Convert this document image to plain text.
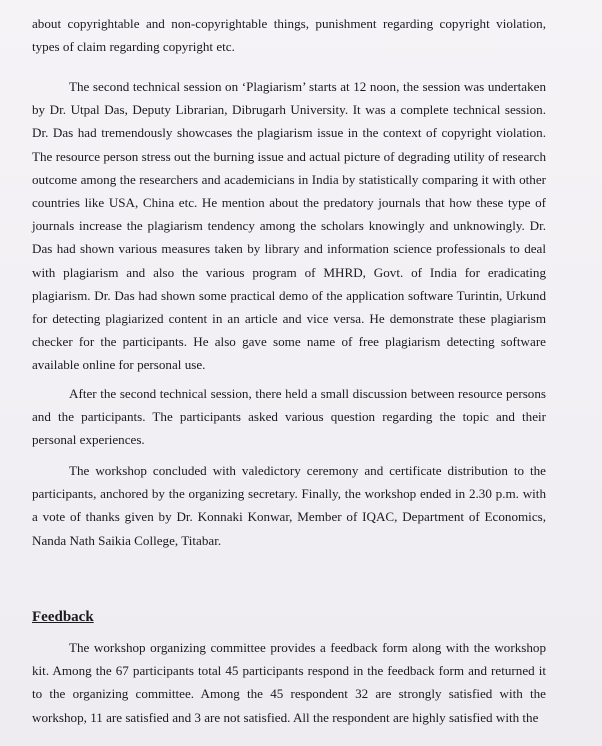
about copyrightable and non-copyrightable things, punishment regarding copyright violation, types of claim regarding copyright etc.

The second technical session on ‘Plagiarism’ starts at 12 noon, the session was undertaken by Dr. Utpal Das, Deputy Librarian, Dibrugarh University. It was a complete technical session. Dr. Das had tremendously showcases the plagiarism issue in the context of copyright violation. The resource person stress out the burning issue and actual picture of degrading utility of research outcome among the researchers and academicians in India by statistically comparing it with other countries like USA, China etc. He mention about the predatory journals that how these type of journals increase the plagiarism tendency among the scholars knowingly and unknowingly. Dr. Das had shown various measures taken by library and information science professionals to deal with plagiarism and also the various program of MHRD, Govt. of India for eradicating plagiarism. Dr. Das had shown some practical demo of the application software Turintin, Urkund for detecting plagiarized content in an article and vice versa. He demonstrate these plagiarism checker for the participants. He also gave some name of free plagiarism detecting software available online for personal use.

After the second technical session, there held a small discussion between resource persons and the participants. The participants asked various question regarding the topic and their personal experiences.

The workshop concluded with valedictory ceremony and certificate distribution to the participants, anchored by the organizing secretary. Finally, the workshop ended in 2.30 p.m. with a vote of thanks given by Dr. Konnaki Konwar, Member of IQAC, Department of Economics, Nanda Nath Saikia College, Titabar.

Feedback

The workshop organizing committee provides a feedback form along with the workshop kit. Among the 67 participants total 45 participants respond in the feedback form and returned it to the organizing committee. Among the 45 respondent 32 are strongly satisfied with the workshop, 11 are satisfied and 3 are not satisfied. All the respondent are highly satisfied with the
